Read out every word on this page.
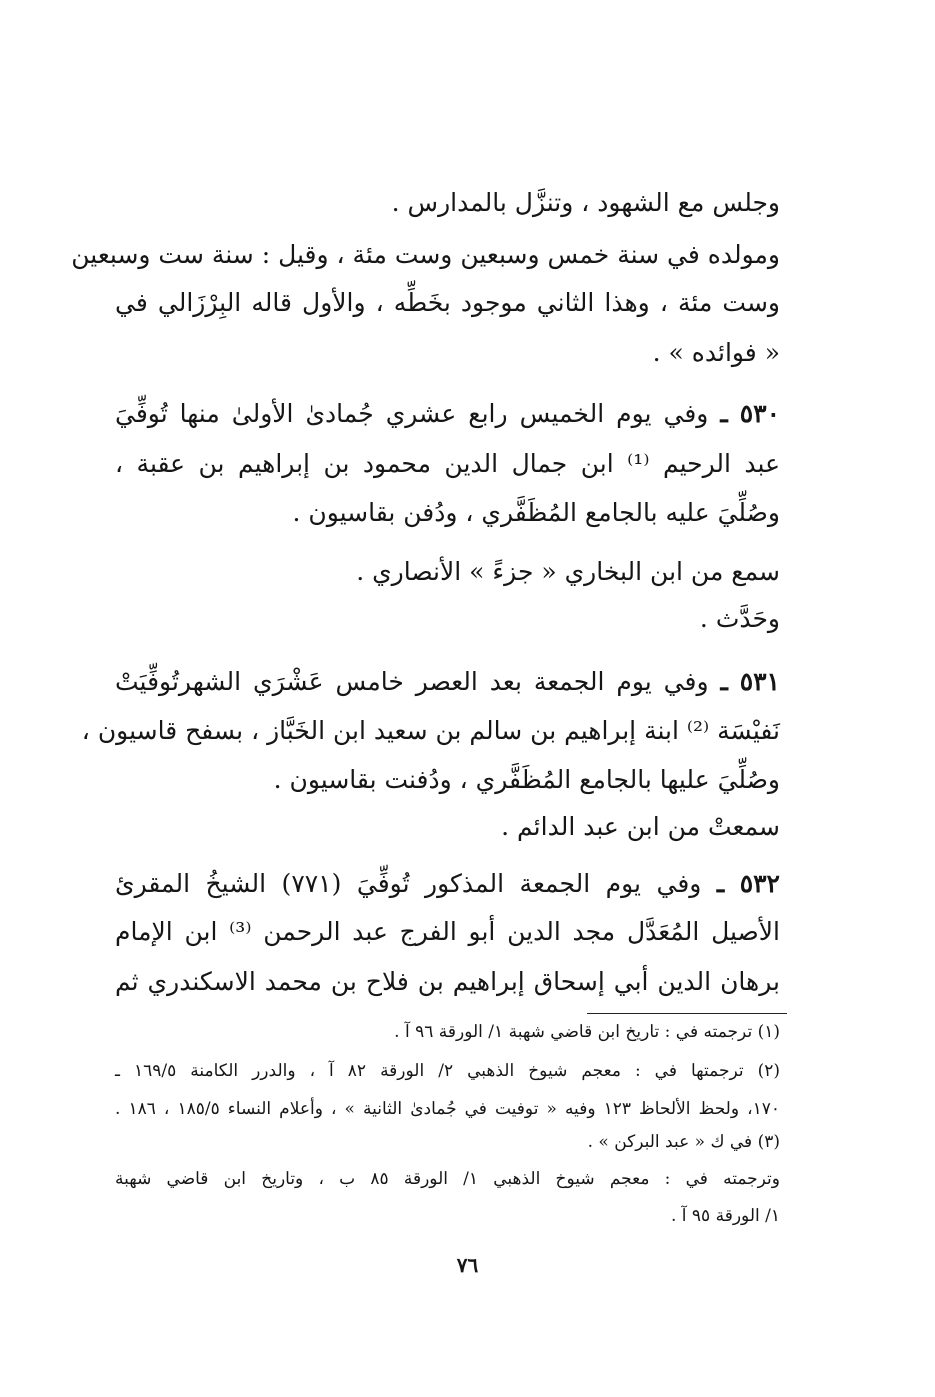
وجلس مع الشهود ، وتنزَّل بالمدارس .
ومولده في سنة خمس وسبعين وست مئة ، وقيل : سنة ست وسبعين
وست مئة ، وهذا الثاني موجود بخَطِّه ، والأول قاله البِرْزَالي في
« فوائده » .
٥٣٠ ـ وفي يوم الخميس رابع عشري جُمادىٰ الأولىٰ منها تُوفِّيَ
عبد الرحيم ⁽¹⁾ ابن جمال الدين محمود بن إبراهيم بن عقبة ،
وصُلِّيَ عليه بالجامع المُظَفَّري ، ودُفن بقاسيون .
سمع من ابن البخاري « جزءً » الأنصاري .
وحَدَّث .
٥٣١ ـ وفي يوم الجمعة بعد العصر خامس عَشْرَي الشهرتُوفِّيَتْ
نَفيْسَة ⁽²⁾ ابنة إبراهيم بن سالم بن سعيد ابن الخَبَّاز ، بسفح قاسيون ،
وصُلِّيَ عليها بالجامع المُظَفَّري ، ودُفنت بقاسيون .
سمعتْ من ابن عبد الدائم .
٥٣٢ ـ وفي يوم الجمعة المذكور تُوفِّيَ (٧٧١) الشيخُ المقرئ
الأصيل المُعَدَّل مجد الدين أبو الفرج عبد الرحمن ⁽³⁾ ابن الإمام
برهان الدين أبي إسحاق إبراهيم بن فلاح بن محمد الاسكندري ثم
(١) ترجمته في : تاريخ ابن قاضي شهبة ١/ الورقة ٩٦ آ .
(٢) ترجمتها في : معجم شيوخ الذهبي ٢/ الورقة ٨٢ آ ، والدرر الكامنة ١٦٩/٥ ـ
١٧٠، ولحظ الألحاظ ١٢٣ وفيه « توفيت في جُمادىٰ الثانية » ، وأعلام النساء ١٨٥/٥ ، ١٨٦ .
(٣) في ك « عبد البركن » .
وترجمته في : معجم شيوخ الذهبي ١/ الورقة ٨٥ ب ، وتاريخ ابن قاضي شهبة
١/ الورقة ٩٥ آ .
٧٦
